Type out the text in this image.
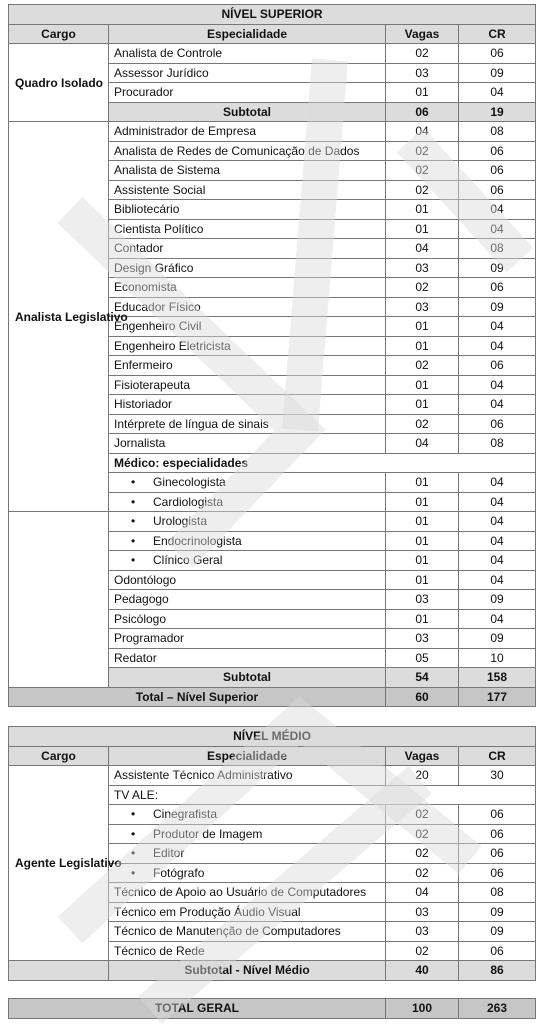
NÍVEL SUPERIOR			
Cargo	Especialidade	Vagas	CR
Quadro Isolado	Analista de Controle	02	06
	Assessor Jurídico	03	09
	Procurador	01	04
	Subtotal	06	19
Analista Legislativo	Administrador de Empresa	04	08
	Analista de Redes de Comunicação de Dados	02	06
	Analista de Sistema	02	06
	Assistente Social	02	06
	Bibliotecário	01	04
	Cientista Político	01	04
	Contador	04	08
	Design Gráfico	03	09
	Economista	02	06
	Educador Físico	03	09
	Engenheiro Civil	01	04
	Engenheiro Eletricista	01	04
	Enfermeiro	02	06
	Fisioterapeuta	01	04
	Historiador	01	04
	Intérprete de língua de sinais	02	06
	Jornalista	04	08
	Médico: especialidades		
	• Ginecologista	01	04
	• Cardiologista	01	04
	• Urologista	01	04
	• Endocrinologista	01	04
	• Clínico Geral	01	04
	Odontólogo	01	04
	Pedagogo	03	09
	Psicólogo	01	04
	Programador	03	09
	Redator	05	10
	Subtotal	54	158
Total – Nível Superior		60	177
NÍVEL MÉDIO			
Cargo	Especialidade	Vagas	CR
Agente Legislativo	Assistente Técnico Administrativo	20	30
	TV ALE:		
	• Cinegrafista	02	06
	• Produtor de Imagem	02	06
	• Editor	02	06
	• Fotógrafo	02	06
	Técnico de Apoio ao Usuário de Computadores	04	08
	Técnico em Produção Áudio Visual	03	09
	Técnico de Manutenção de Computadores	03	09
	Técnico de Rede	02	06
	Subtotal - Nível Médio	40	86
TOTAL GERAL	100	263
